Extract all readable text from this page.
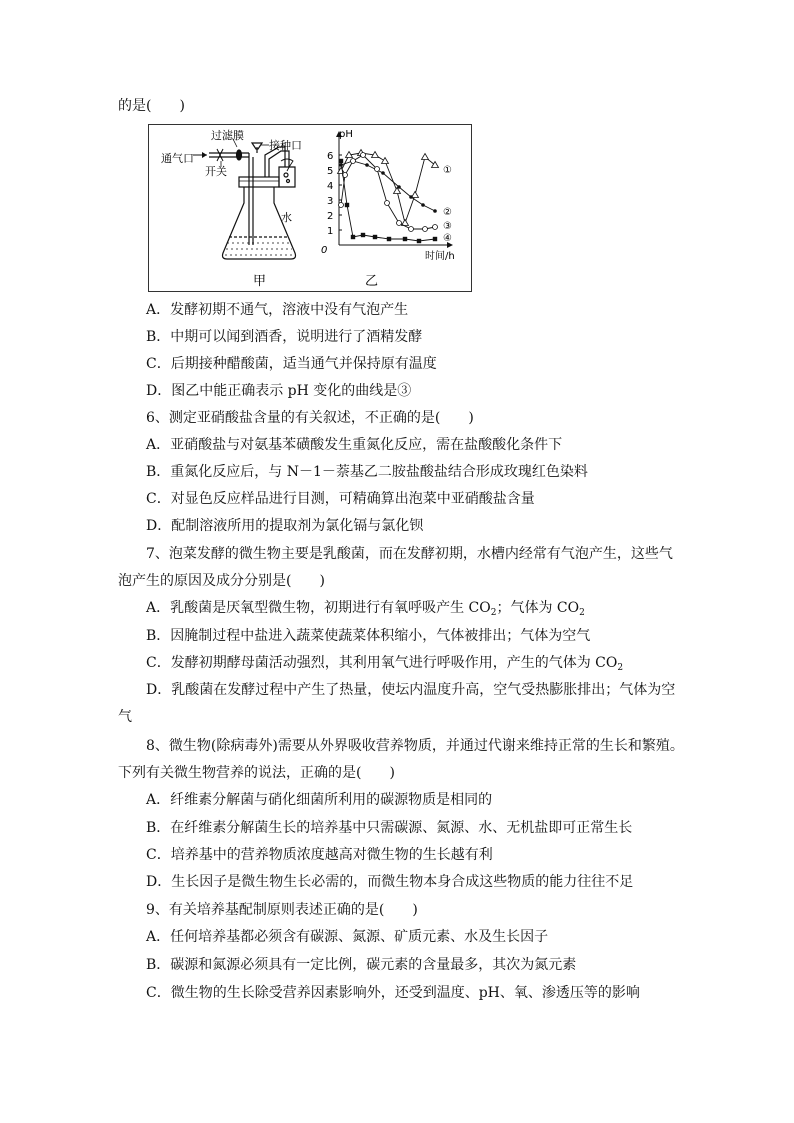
的是(　　)
过滤膜
接种口
通气口
开关
水
甲
pH
时间/h
0
1
2
3
4
5
6
①
②
③
④
乙
A．发酵初期不通气，溶液中没有气泡产生
B．中期可以闻到酒香，说明进行了酒精发酵
C．后期接种醋酸菌，适当通气并保持原有温度
D．图乙中能正确表示 pH 变化的曲线是③
6、测定亚硝酸盐含量的有关叙述，不正确的是(　　)
A．亚硝酸盐与对氨基苯磺酸发生重氮化反应，需在盐酸酸化条件下
B．重氮化反应后，与 N－1－萘基乙二胺盐酸盐结合形成玫瑰红色染料
C．对显色反应样品进行目测，可精确算出泡菜中亚硝酸盐含量
D．配制溶液所用的提取剂为氯化镉与氯化钡
7、泡菜发酵的微生物主要是乳酸菌，而在发酵初期，水槽内经常有气泡产生，这些气
泡产生的原因及成分分别是(　　)
A．乳酸菌是厌氧型微生物，初期进行有氧呼吸产生 $CO_2$；气体为 $CO_2$
B．因腌制过程中盐进入蔬菜使蔬菜体积缩小，气体被排出；气体为空气
C．发酵初期酵母菌活动强烈，其利用氧气进行呼吸作用，产生的气体为 $CO_2$
D．乳酸菌在发酵过程中产生了热量，使坛内温度升高，空气受热膨胀排出；气体为空
气
8、微生物(除病毒外)需要从外界吸收营养物质，并通过代谢来维持正常的生长和繁殖。
下列有关微生物营养的说法，正确的是(　　)
A．纤维素分解菌与硝化细菌所利用的碳源物质是相同的
B．在纤维素分解菌生长的培养基中只需碳源、氮源、水、无机盐即可正常生长
C．培养基中的营养物质浓度越高对微生物的生长越有利
D．生长因子是微生物生长必需的，而微生物本身合成这些物质的能力往往不足
9、有关培养基配制原则表述正确的是(　　)
A．任何培养基都必须含有碳源、氮源、矿质元素、水及生长因子
B．碳源和氮源必须具有一定比例，碳元素的含量最多，其次为氮元素
C．微生物的生长除受营养因素影响外，还受到温度、pH、氧、渗透压等的影响
